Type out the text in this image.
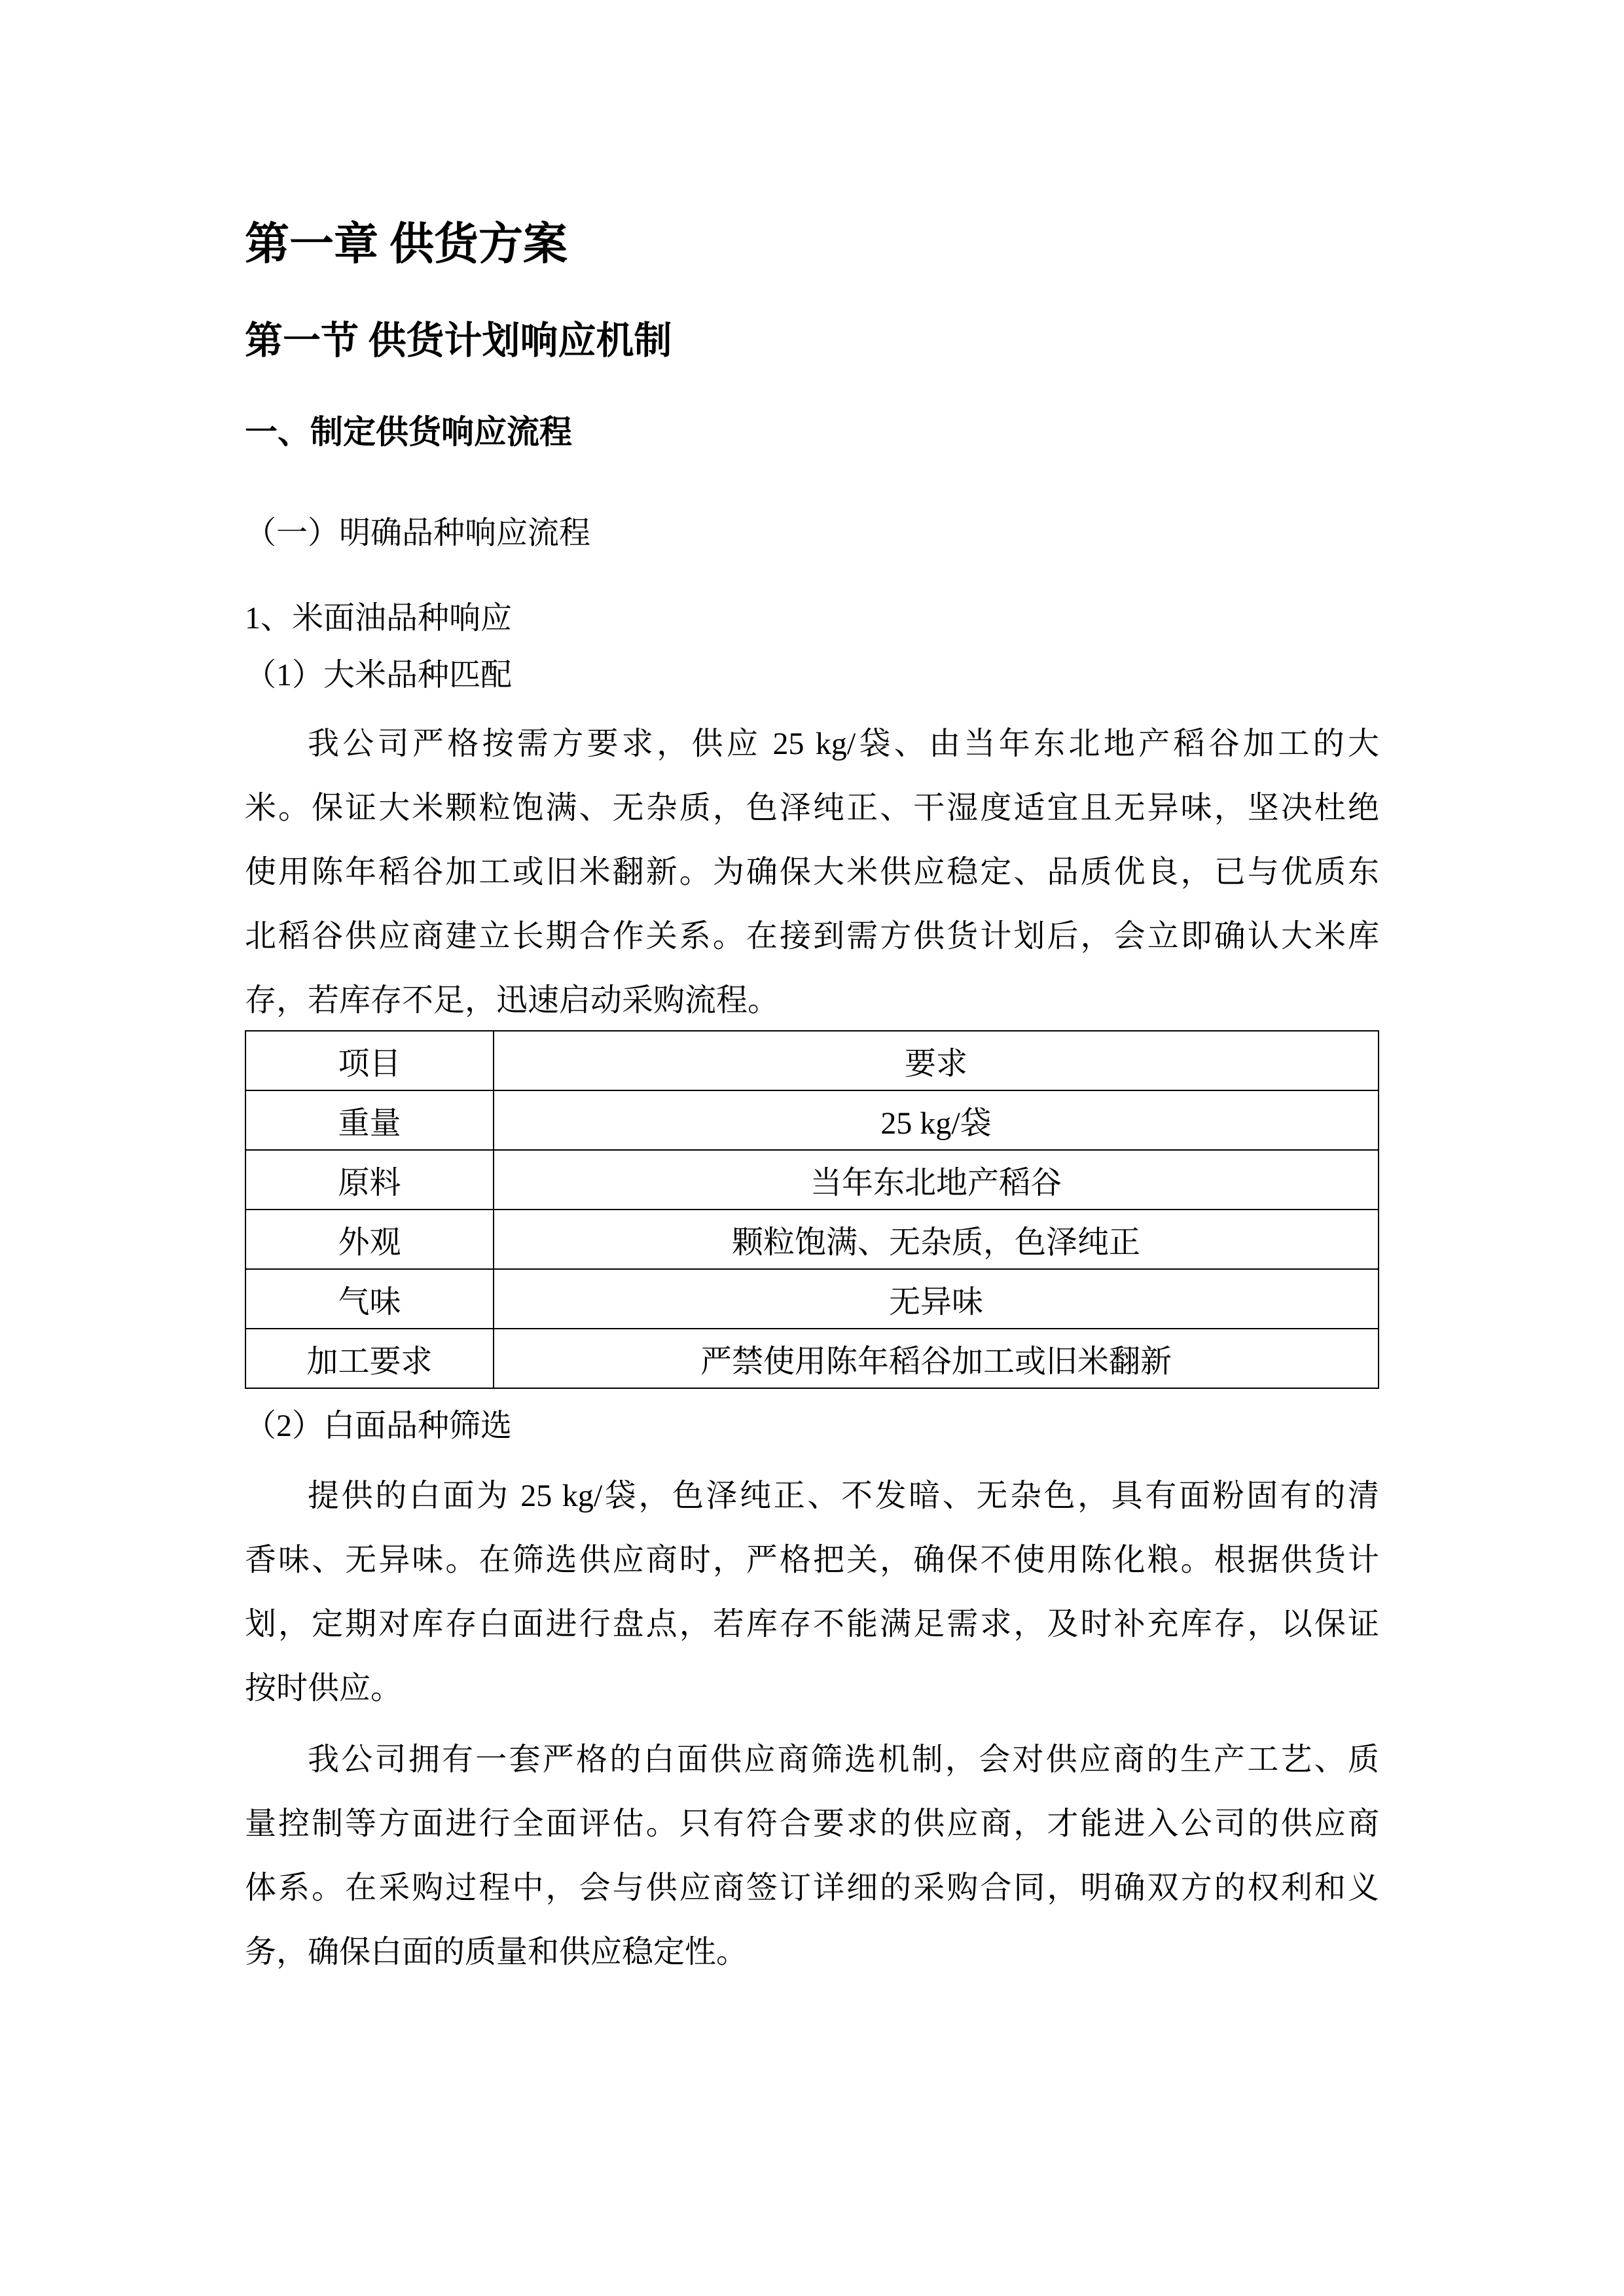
第一章 供货方案
第一节 供货计划响应机制
一、制定供货响应流程
（一）明确品种响应流程
1、米面油品种响应
（1）大米品种匹配
我公司严格按需方要求，供应 25 kg/袋、由当年东北地产稻谷加工的大
米。保证大米颗粒饱满、无杂质，色泽纯正、干湿度适宜且无异味，坚决杜绝
使用陈年稻谷加工或旧米翻新。为确保大米供应稳定、品质优良，已与优质东
北稻谷供应商建立长期合作关系。在接到需方供货计划后，会立即确认大米库
存，若库存不足，迅速启动采购流程。
项目	要求
重量	25 kg/袋
原料	当年东北地产稻谷
外观	颗粒饱满、无杂质，色泽纯正
气味	无异味
加工要求	严禁使用陈年稻谷加工或旧米翻新
（2）白面品种筛选
提供的白面为 25 kg/袋，色泽纯正、不发暗、无杂色，具有面粉固有的清
香味、无异味。在筛选供应商时，严格把关，确保不使用陈化粮。根据供货计
划，定期对库存白面进行盘点，若库存不能满足需求，及时补充库存，以保证
按时供应。
我公司拥有一套严格的白面供应商筛选机制，会对供应商的生产工艺、质
量控制等方面进行全面评估。只有符合要求的供应商，才能进入公司的供应商
体系。在采购过程中，会与供应商签订详细的采购合同，明确双方的权利和义
务，确保白面的质量和供应稳定性。
